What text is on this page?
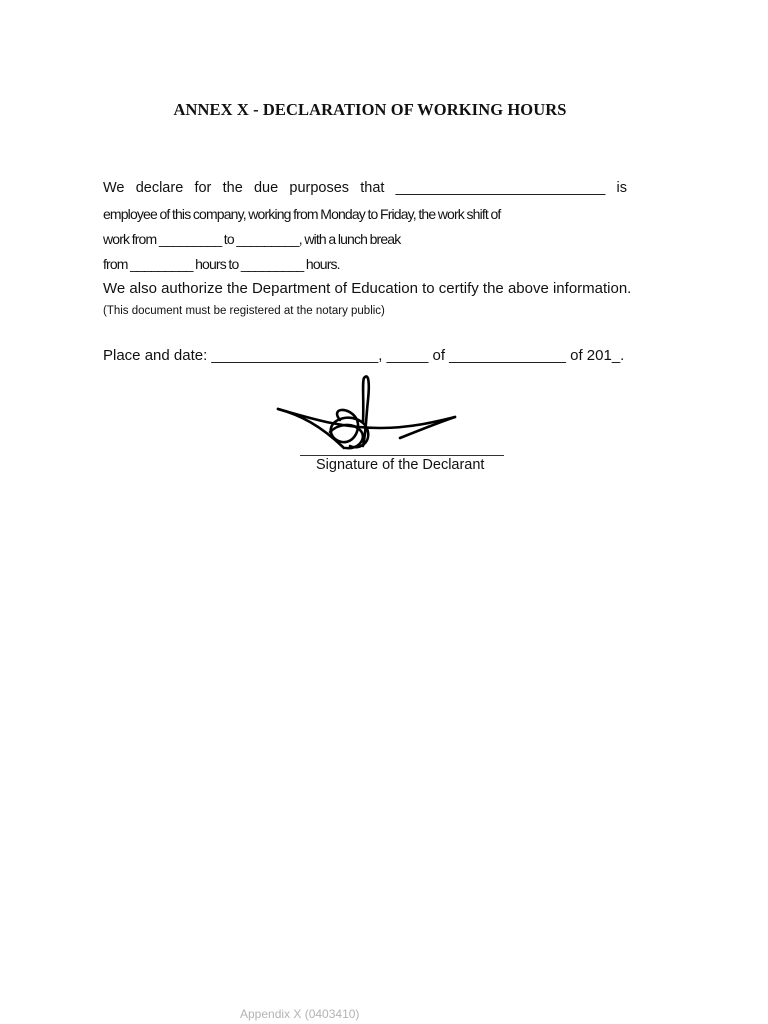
ANNEX X - DECLARATION OF WORKING HOURS
We declare for the due purposes that __________________________ is
employee of this company, working from Monday to Friday, the work shift of
work from _________ to _________, with a lunch break
from _________ hours to _________ hours.
We also authorize the Department of Education to certify the above information.
(This document must be registered at the notary public)
Place and date: ____________________, _____ of ______________ of 201_.
Signature of the Declarant
Appendix X (0403410)
